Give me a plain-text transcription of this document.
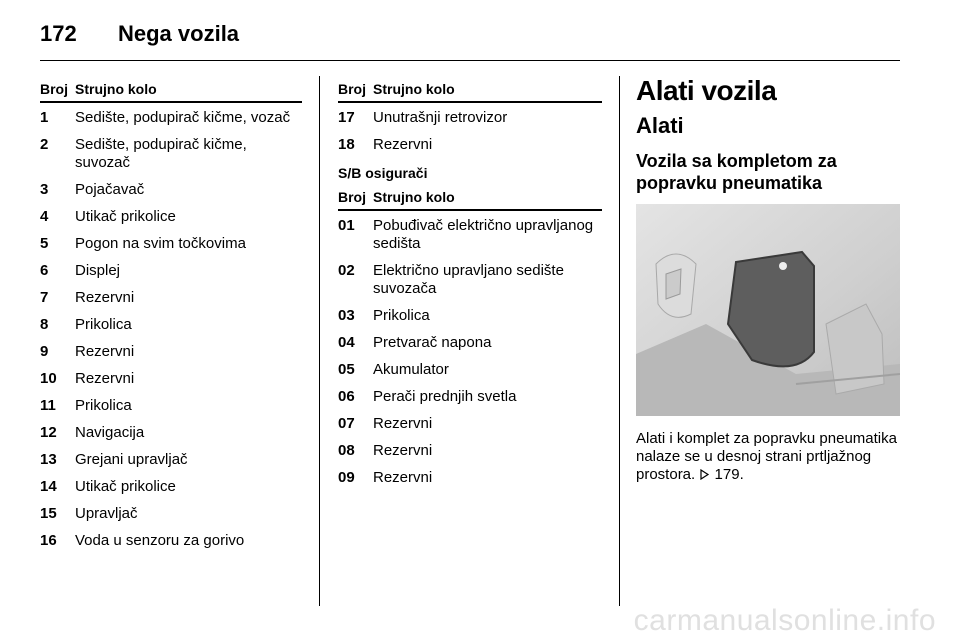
172	Nega vozila
Broj Strujno kolo
1	Sedište, podupirač kičme, vozač
2	Sedište, podupirač kičme, suvozač
3	Pojačavač
4	Utikač prikolice
5	Pogon na svim točkovima
6	Displej
7	Rezervni
8	Prikolica
9	Rezervni
10	Rezervni
11	Prikolica
12	Navigacija
13	Grejani upravljač
14	Utikač prikolice
15	Upravljač
16	Voda u senzoru za gorivo
Broj Strujno kolo
17	Unutrašnji retrovizor
18	Rezervni
S/B osigurači
Broj Strujno kolo
01	Pobuđivač električno upravljanog sedišta
02	Električno upravljano sedište suvozača
03	Prikolica
04	Pretvarač napona
05	Akumulator
06	Perači prednjih svetla
07	Rezervni
08	Rezervni
09	Rezervni
Alati vozila
Alati
Vozila sa kompletom za popravku pneumatika
Alati i komplet za popravku pneumatika nalaze se u desnoj strani prtljažnog prostora.  179.
carmanualsonline.info
